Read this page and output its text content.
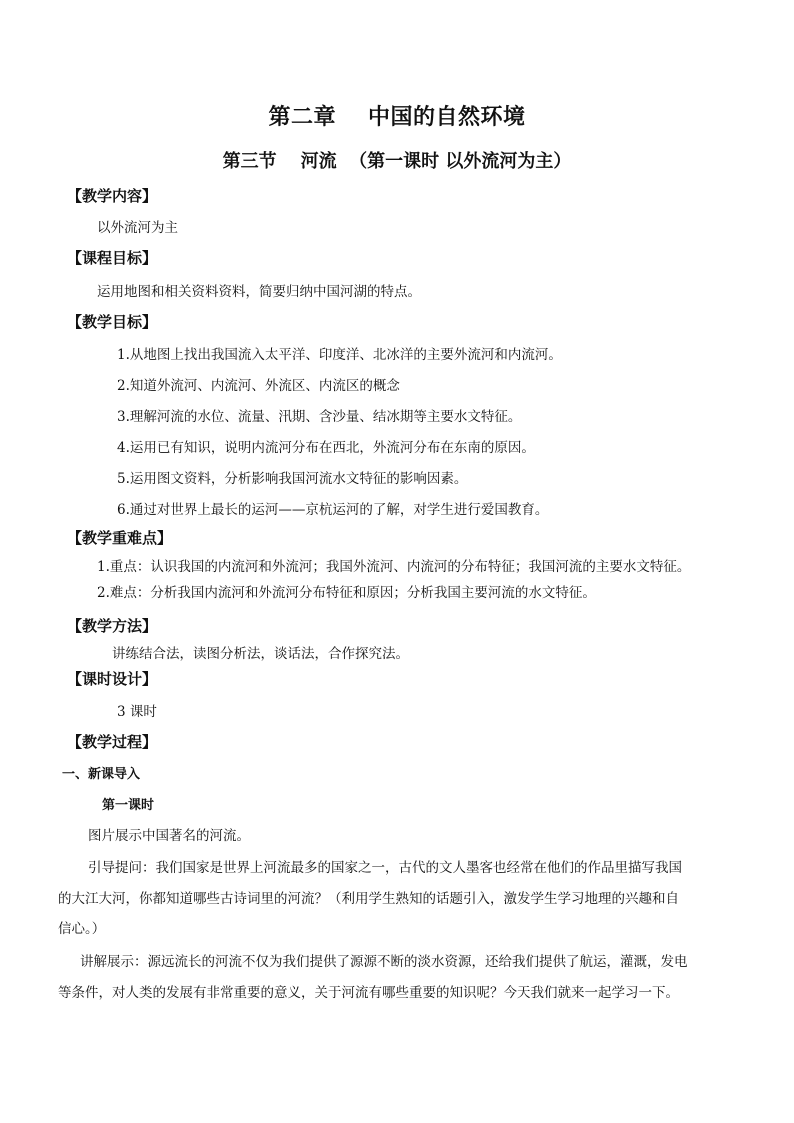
第二章 中国的自然环境
第三节 河流 （第一课时 以外流河为主）

【教学内容】

以外流河为主

【课程目标】

运用地图和相关资料资料，简要归纳中国河湖的特点。

【教学目标】

1.从地图上找出我国流入太平洋、印度洋、北冰洋的主要外流河和内流河。

2.知道外流河、内流河、外流区、内流区的概念

3.理解河流的水位、流量、汛期、含沙量、结冰期等主要水文特征。

4.运用已有知识，说明内流河分布在西北，外流河分布在东南的原因。

5.运用图文资料，分析影响我国河流水文特征的影响因素。

6.通过对世界上最长的运河——京杭运河的了解，对学生进行爱国教育。

【教学重难点】

1.重点：认识我国的内流河和外流河；我国外流河、内流河的分布特征；我国河流的主要水文特征。

2.难点：分析我国内流河和外流河分布特征和原因；分析我国主要河流的水文特征。

【教学方法】

讲练结合法，读图分析法，谈话法，合作探究法。

【课时设计】

3 课时

【教学过程】

一、新课导入

第一课时

图片展示中国著名的河流。

引导提问：我们国家是世界上河流最多的国家之一，古代的文人墨客也经常在他们的作品里描写我国

的大江大河，你都知道哪些古诗词里的河流？（利用学生熟知的话题引入，激发学生学习地理的兴趣和自

信心。）

讲解展示：源远流长的河流不仅为我们提供了源源不断的淡水资源，还给我们提供了航运，灌溉，发电

等条件，对人类的发展有非常重要的意义，关于河流有哪些重要的知识呢？今天我们就来一起学习一下。
